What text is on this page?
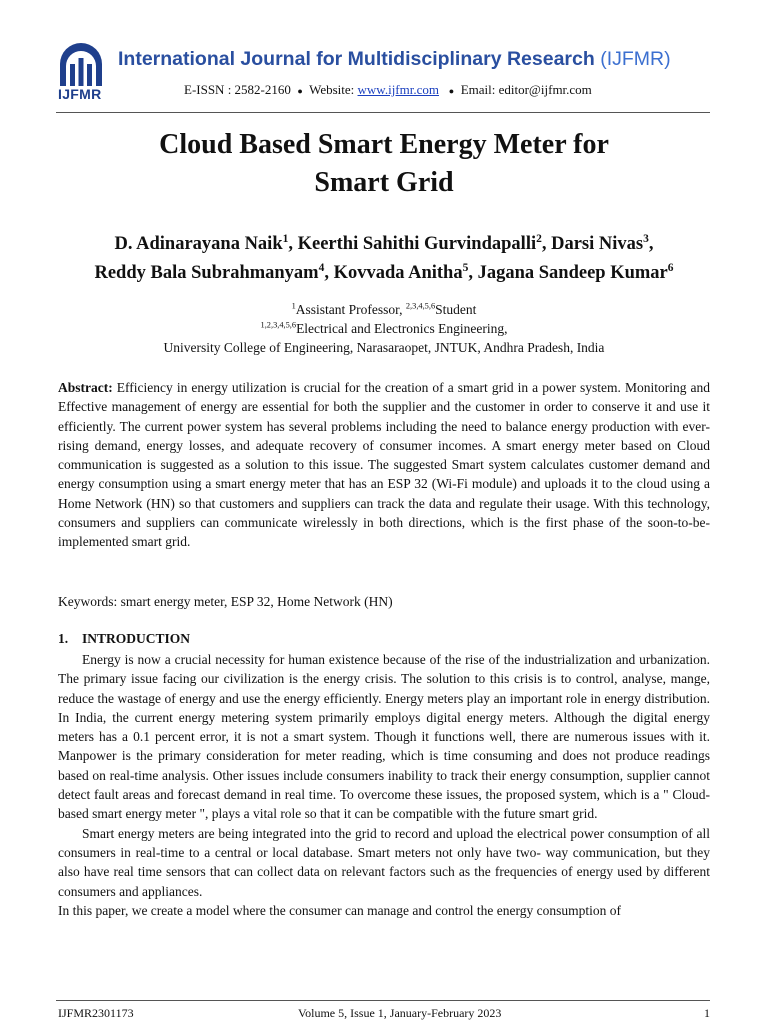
IJFMR
International Journal for Multidisciplinary Research (IJFMR)
E-ISSN : 2582-2160 ● Website: www.ijfmr.com ● Email: editor@ijfmr.com
Cloud Based Smart Energy Meter for
Smart Grid
D. Adinarayana Naik$^1$, Keerthi Sahithi Gurvindapalli$^2$, Darsi Nivas$^3$,
Reddy Bala Subrahmanyam$^4$, Kovvada Anitha$^5$, Jagana Sandeep Kumar$^6$
$^1$Assistant Professor, $^{2,3,4,5,6}$Student
$^{1,2,3,4,5,6}$Electrical and Electronics Engineering,
University College of Engineering, Narasaraopet, JNTUK, Andhra Pradesh, India
Abstract: Efficiency in energy utilization is crucial for the creation of a smart grid in a power system. Monitoring and Effective management of energy are essential for both the supplier and the customer in order to conserve it and use it efficiently. The current power system has several problems including the need to balance energy production with ever-rising demand, energy losses, and adequate recovery of consumer incomes. A smart energy meter based on Cloud communication is suggested as a solution to this issue. The suggested Smart system calculates customer demand and energy consumption using a smart energy meter that has an ESP 32 (Wi-Fi module) and uploads it to the cloud using a Home Network (HN) so that customers and suppliers can track the data and regulate their usage. With this technology, consumers and suppliers can communicate wirelessly in both directions, which is the first phase of the soon-to-be-implemented smart grid.
Keywords: smart energy meter, ESP 32, Home Network (HN)
1. INTRODUCTION

Energy is now a crucial necessity for human existence because of the rise of the industrialization and urbanization. The primary issue facing our civilization is the energy crisis. The solution to this crisis is to control, analyse, mange, reduce the wastage of energy and use the energy efficiently. Energy meters play an important role in energy distribution. In India, the current energy metering system primarily employs digital energy meters. Although the digital energy meters has a 0.1 percent error, it is not a smart system. Though it functions well, there are numerous issues with it. Manpower is the primary consideration for meter reading, which is time consuming and does not produce readings based on real-time analysis. Other issues include consumers inability to track their energy consumption, supplier cannot detect fault areas and forecast demand in real time. To overcome these issues, the proposed system, which is a " Cloud- based smart energy meter ", plays a vital role so that it can be compatible with the future smart grid.

Smart energy meters are being integrated into the grid to record and upload the electrical power consumption of all consumers in real-time to a central or local database. Smart meters not only have two- way communication, but they also have real time sensors that can collect data on relevant factors such as the frequencies of energy used by different consumers and appliances.

In this paper, we create a model where the consumer can manage and control the energy consumption of

IJFMR2301173	Volume 5, Issue 1, January-February 2023	1
